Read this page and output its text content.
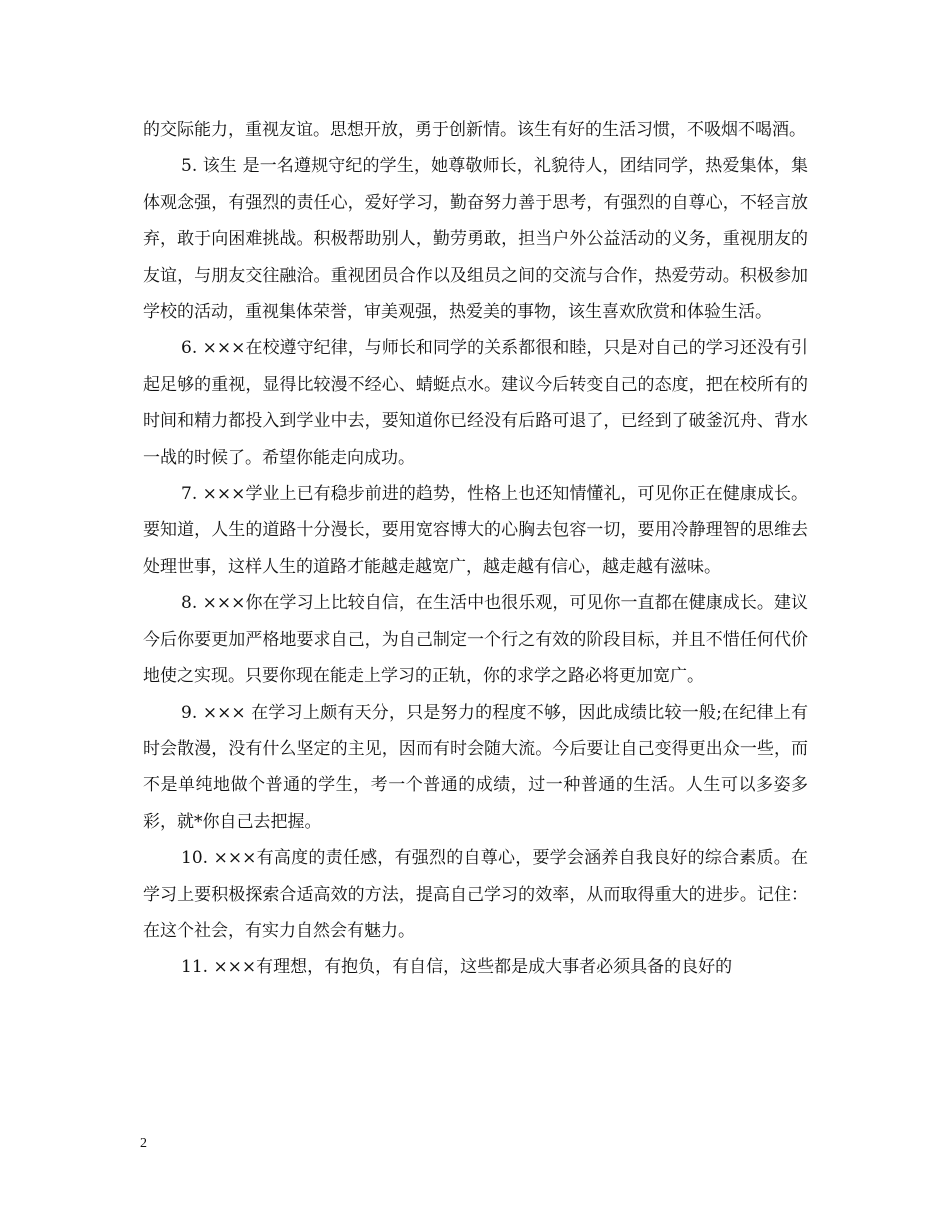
的交际能力，重视友谊。思想开放，勇于创新情。该生有好的生活习惯，不吸烟不喝酒。

5. 该生 是一名遵规守纪的学生，她尊敬师长，礼貌待人，团结同学，热爱集体，集体观念强，有强烈的责任心，爱好学习，勤奋努力善于思考，有强烈的自尊心，不轻言放弃，敢于向困难挑战。积极帮助别人，勤劳勇敢，担当户外公益活动的义务，重视朋友的友谊，与朋友交往融洽。重视团员合作以及组员之间的交流与合作，热爱劳动。积极参加学校的活动，重视集体荣誉，审美观强，热爱美的事物，该生喜欢欣赏和体验生活。

6. ×××在校遵守纪律，与师长和同学的关系都很和睦，只是对自己的学习还没有引起足够的重视，显得比较漫不经心、蜻蜓点水。建议今后转变自己的态度，把在校所有的时间和精力都投入到学业中去，要知道你已经没有后路可退了，已经到了破釜沉舟、背水一战的时候了。希望你能走向成功。

7. ×××学业上已有稳步前进的趋势，性格上也还知情懂礼，可见你正在健康成长。要知道，人生的道路十分漫长，要用宽容博大的心胸去包容一切，要用冷静理智的思维去处理世事，这样人生的道路才能越走越宽广，越走越有信心，越走越有滋味。

8. ×××你在学习上比较自信，在生活中也很乐观，可见你一直都在健康成长。建议今后你要更加严格地要求自己，为自己制定一个行之有效的阶段目标，并且不惜任何代价地使之实现。只要你现在能走上学习的正轨，你的求学之路必将更加宽广。

9. ××× 在学习上颇有天分，只是努力的程度不够，因此成绩比较一般;在纪律上有时会散漫，没有什么坚定的主见，因而有时会随大流。今后要让自己变得更出众一些，而不是单纯地做个普通的学生，考一个普通的成绩，过一种普通的生活。人生可以多姿多彩，就*你自己去把握。

10. ×××有高度的责任感，有强烈的自尊心，要学会涵养自我良好的综合素质。在学习上要积极探索合适高效的方法，提高自己学习的效率，从而取得重大的进步。记住：在这个社会，有实力自然会有魅力。

11. ×××有理想，有抱负，有自信，这些都是成大事者必须具备的良好的

2
